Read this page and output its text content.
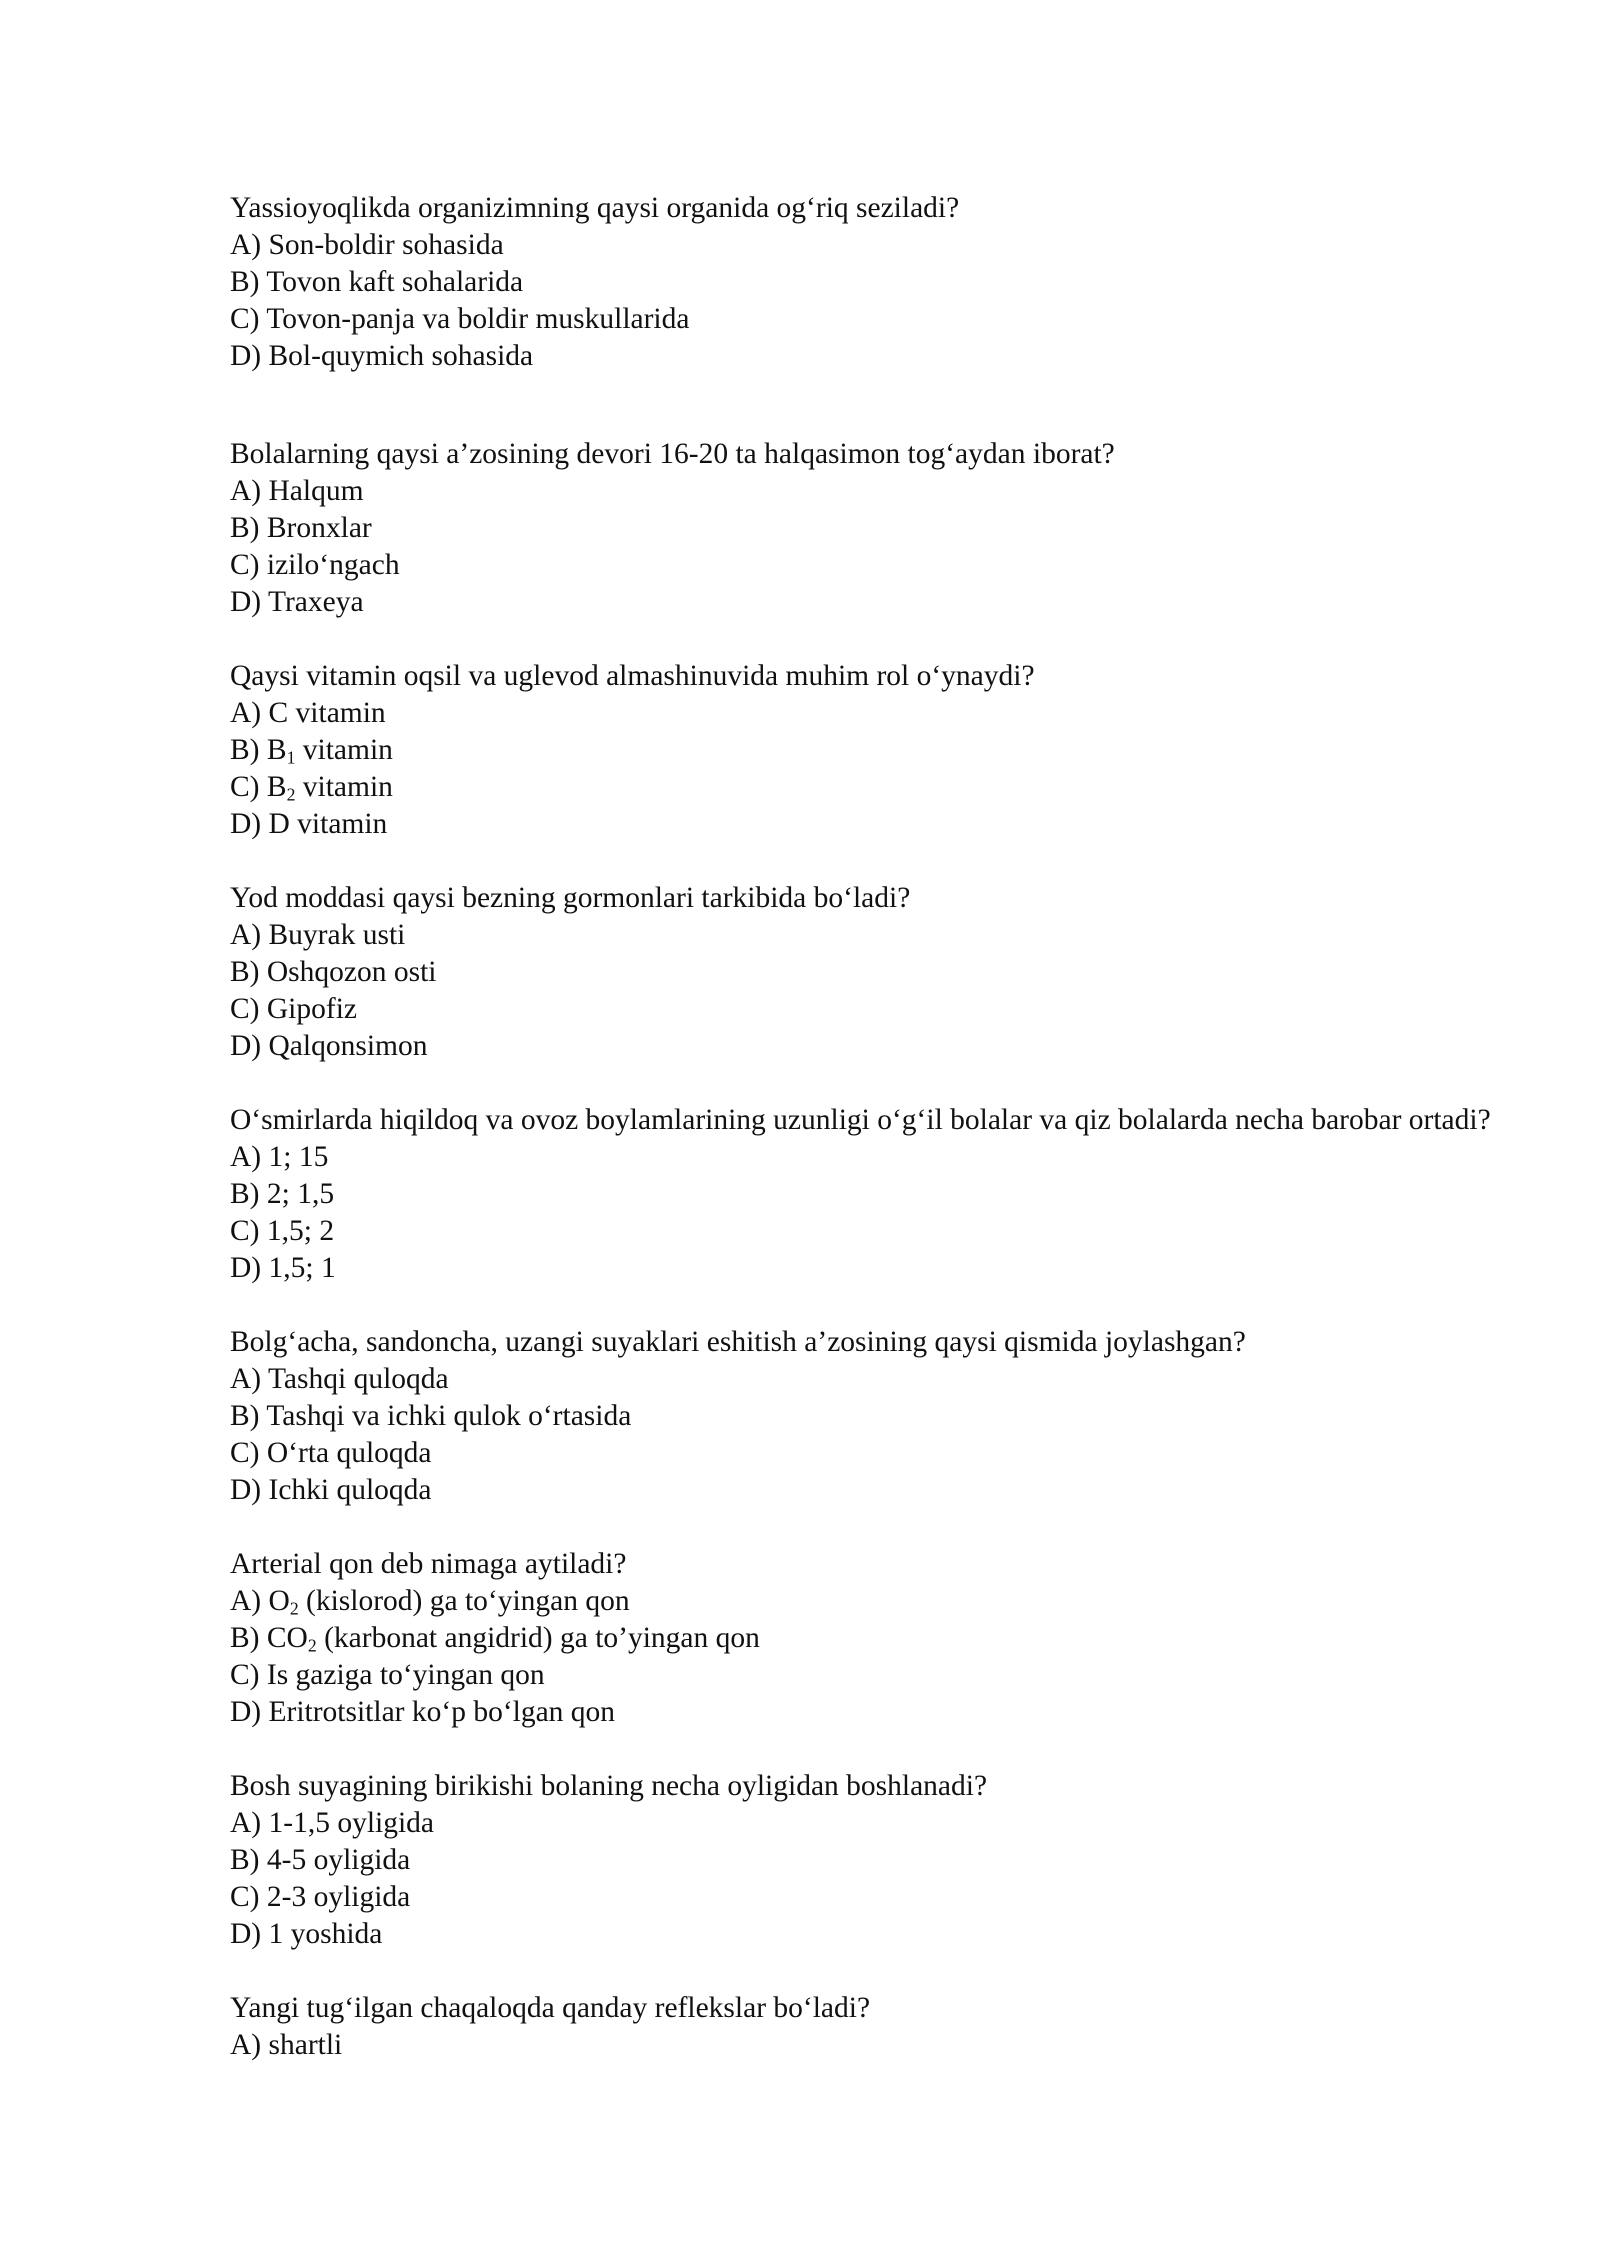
Yassioyoqlikda organizimning qaysi organida og‘riq seziladi?
A) Son-boldir sohasida
B) Tovon kaft sohalarida
C) Tovon-panja va boldir muskullarida
D) Bol-quymich sohasida
Bolalarning qaysi a’zosining devori 16-20 ta halqasimon tog‘aydan iborat?
A) Halqum
B) Bronxlar
C) izilo‘ngach
D) Traxeya
Qaysi vitamin oqsil va uglevod almashinuvida muhim rol o‘ynaydi?
A) C vitamin
B) $B_1$ vitamin
C) $B_2$ vitamin
D) D vitamin
Yod moddasi qaysi bezning gormonlari tarkibida bo‘ladi?
A) Buyrak usti
B) Oshqozon osti
C) Gipofiz
D) Qalqonsimon
O‘smirlarda hiqildoq va ovoz boylamlarining uzunligi o‘g‘il bolalar va qiz bolalarda necha barobar ortadi?
A) 1; 15
B) 2; 1,5
C) 1,5; 2
D) 1,5; 1
Bolg‘acha, sandoncha, uzangi suyaklari eshitish a’zosining qaysi qismida joylashgan?
A) Tashqi quloqda
B) Tashqi va ichki qulok o‘rtasida
C) O‘rta quloqda
D) Ichki quloqda
Arterial qon deb nimaga aytiladi?
A) $O_2$ (kislorod) ga to‘yingan qon
B) $CO_2$ (karbonat angidrid) ga to’yingan qon
C) Is gaziga to‘yingan qon
D) Eritrotsitlar ko‘p bo‘lgan qon
Bosh suyagining birikishi bolaning necha oyligidan boshlanadi?
A) 1-1,5 oyligida
B) 4-5 oyligida
C) 2-3 oyligida
D) 1 yoshida
Yangi tug‘ilgan chaqaloqda qanday reflekslar bo‘ladi?
A) shartli
